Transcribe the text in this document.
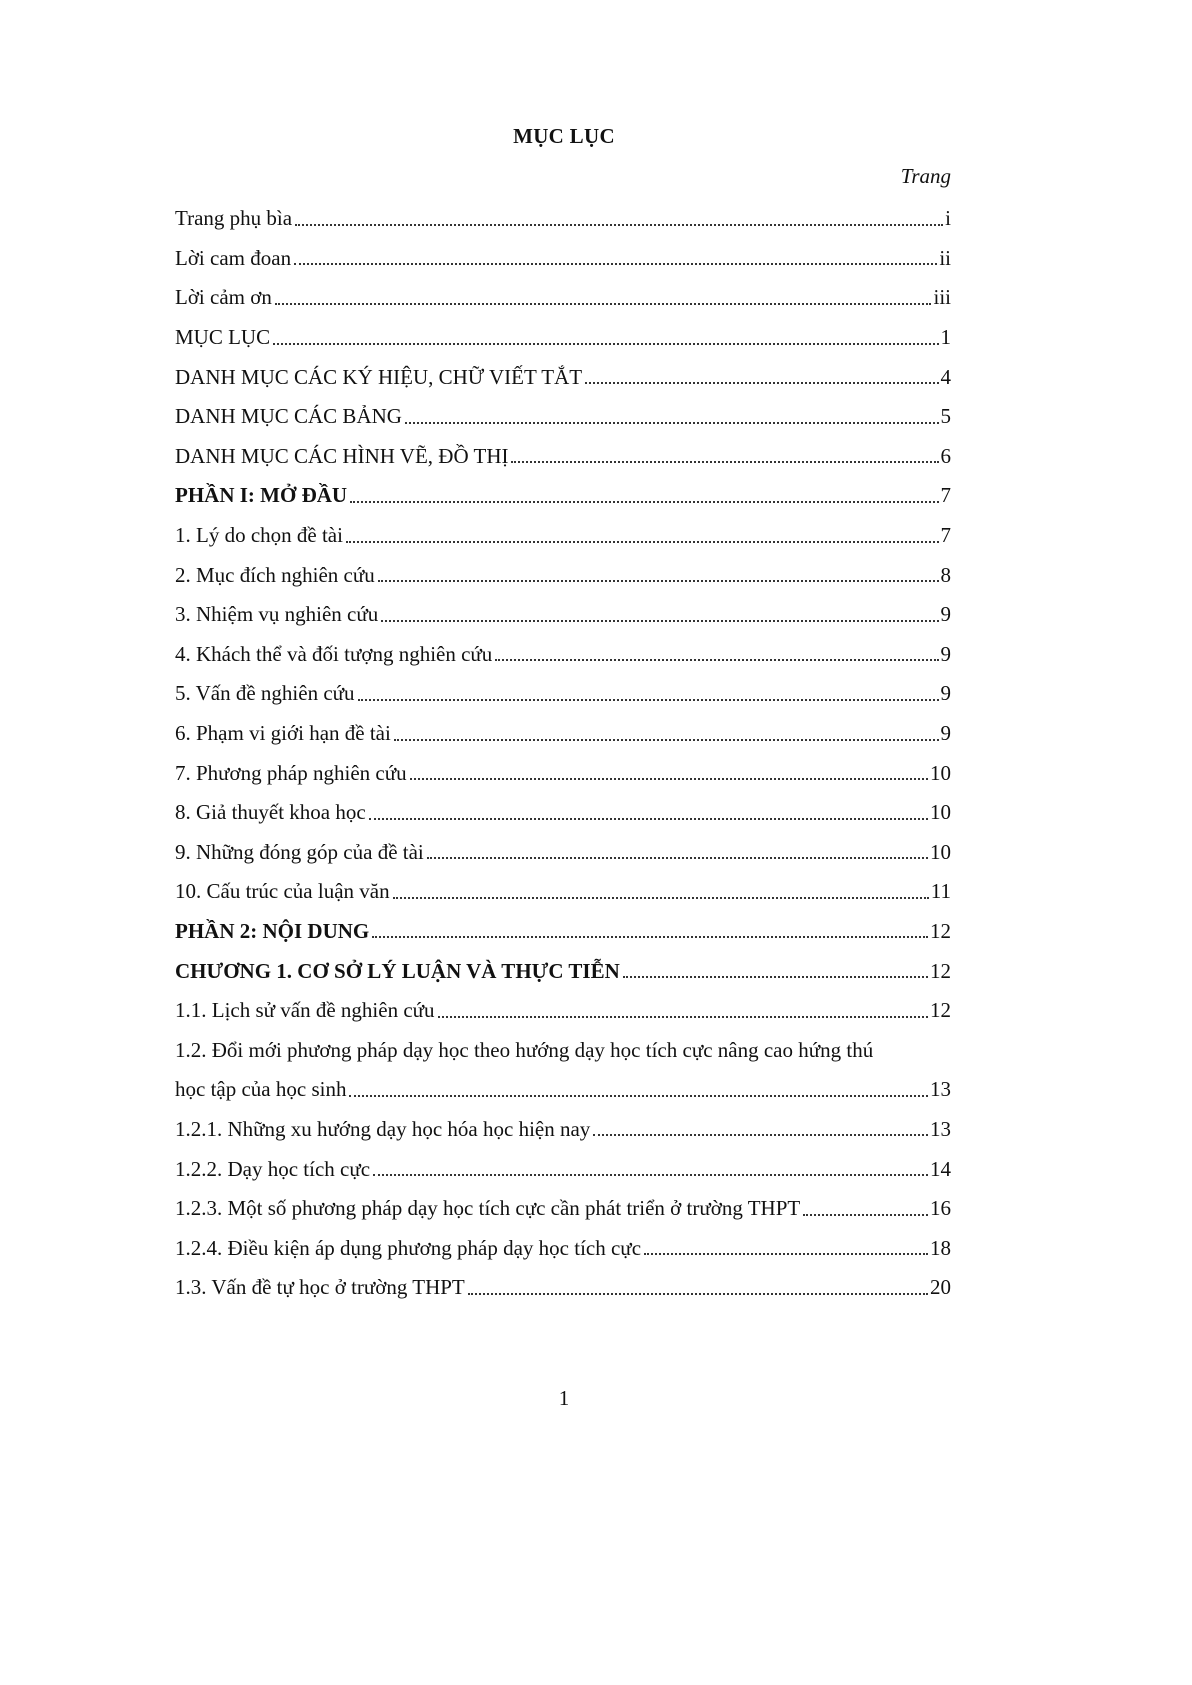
MỤC LỤC
Trang
Trang phụ bìa	i
Lời cam đoan	ii
Lời cảm ơn	iii
MỤC LỤC	1
DANH MỤC CÁC KÝ HIỆU, CHỮ VIẾT TẮT	4
DANH MỤC CÁC BẢNG	5
DANH MỤC CÁC HÌNH VẼ, ĐỒ THỊ	6
PHẦN I: MỞ ĐẦU	7
1. Lý do chọn đề tài	7
2. Mục đích nghiên cứu	8
3. Nhiệm vụ nghiên cứu	9
4. Khách thể và đối tượng nghiên cứu	9
5. Vấn đề nghiên cứu	9
6. Phạm vi giới hạn đề tài	9
7. Phương pháp nghiên cứu	10
8. Giả thuyết khoa học	10
9. Những đóng góp của đề tài	10
10. Cấu trúc của luận văn	11
PHẦN 2: NỘI DUNG	12
CHƯƠNG 1. CƠ SỞ LÝ LUẬN VÀ THỰC TIỄN	12
1.1. Lịch sử vấn đề nghiên cứu	12
1.2. Đổi mới phương pháp dạy học theo hướng dạy học tích cực nâng cao hứng thú
học tập của học sinh	13
1.2.1. Những xu hướng dạy học hóa học hiện nay	13
1.2.2. Dạy học tích cực	14
1.2.3. Một số phương pháp dạy học tích cực cần phát triển ở trường THPT	16
1.2.4. Điều kiện áp dụng phương pháp dạy học tích cực	18
1.3. Vấn đề tự học ở trường THPT	20
1
